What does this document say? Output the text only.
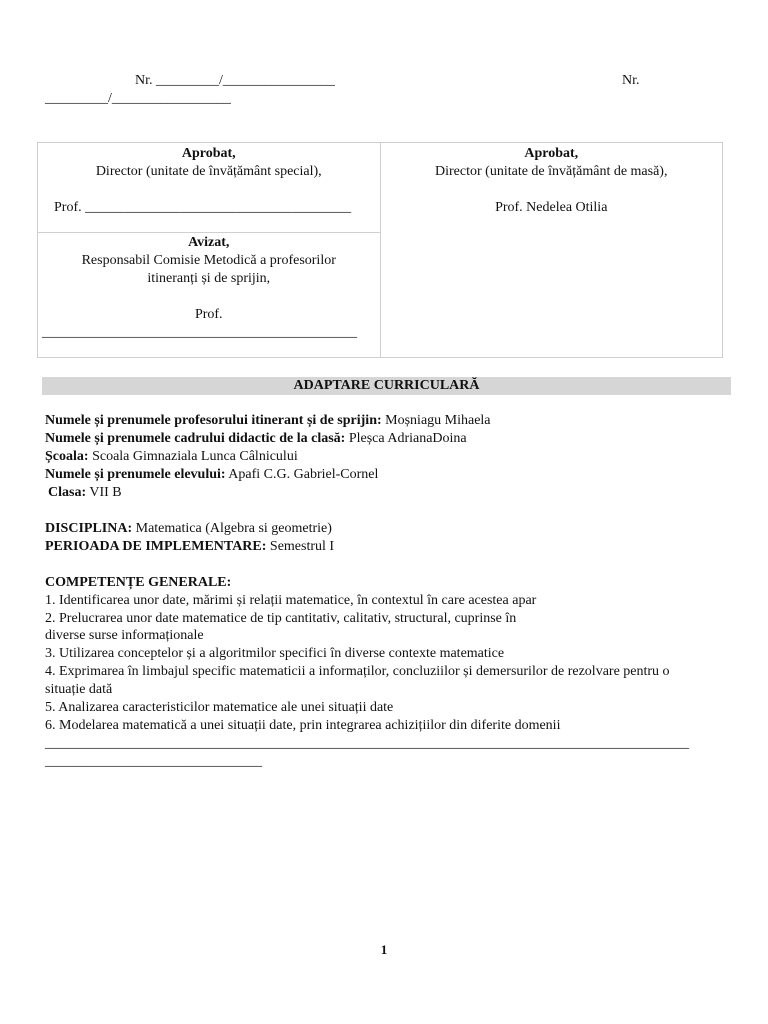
Nr. _________/________________	Nr.
_________/_________________
Aprobat,
Director (unitate de învățământ special),
Prof. ______________________________________

Aprobat,
Director (unitate de învățământ de masă),
Prof. Nedelea Otilia

Avizat,
Responsabil Comisie Metodică a profesorilor
itineranți și de sprijin,
Prof.
_____________________________________________
ADAPTARE CURRICULARĂ
Numele și prenumele profesorului itinerant și de sprijin: Moșniagu Mihaela
Numele și prenumele cadrului didactic de la clasă: Pleșca AdrianaDoina
Școala: Scoala Gimnaziala Lunca Câlnicului
Numele și prenumele elevului: Apafi C.G. Gabriel-Cornel
Clasa: VII B
DISCIPLINA: Matematica (Algebra si geometrie)
PERIOADA DE IMPLEMENTARE: Semestrul I
COMPETENȚE GENERALE:
1. Identificarea unor date, mărimi și relații matematice, în contextul în care acestea apar
2. Prelucrarea unor date matematice de tip cantitativ, calitativ, structural, cuprinse în
diverse surse informaționale
3. Utilizarea conceptelor și a algoritmilor specifici în diverse contexte matematice
4. Exprimarea în limbajul specific matematicii a informaților, concluziilor și demersurilor de rezolvare pentru o
situație dată
5. Analizarea caracteristicilor matematice ale unei situații date
6. Modelarea matematică a unei situații date, prin integrarea achizițiilor din diferite domenii
____________________________________________________________________________________________
_______________________________
1
